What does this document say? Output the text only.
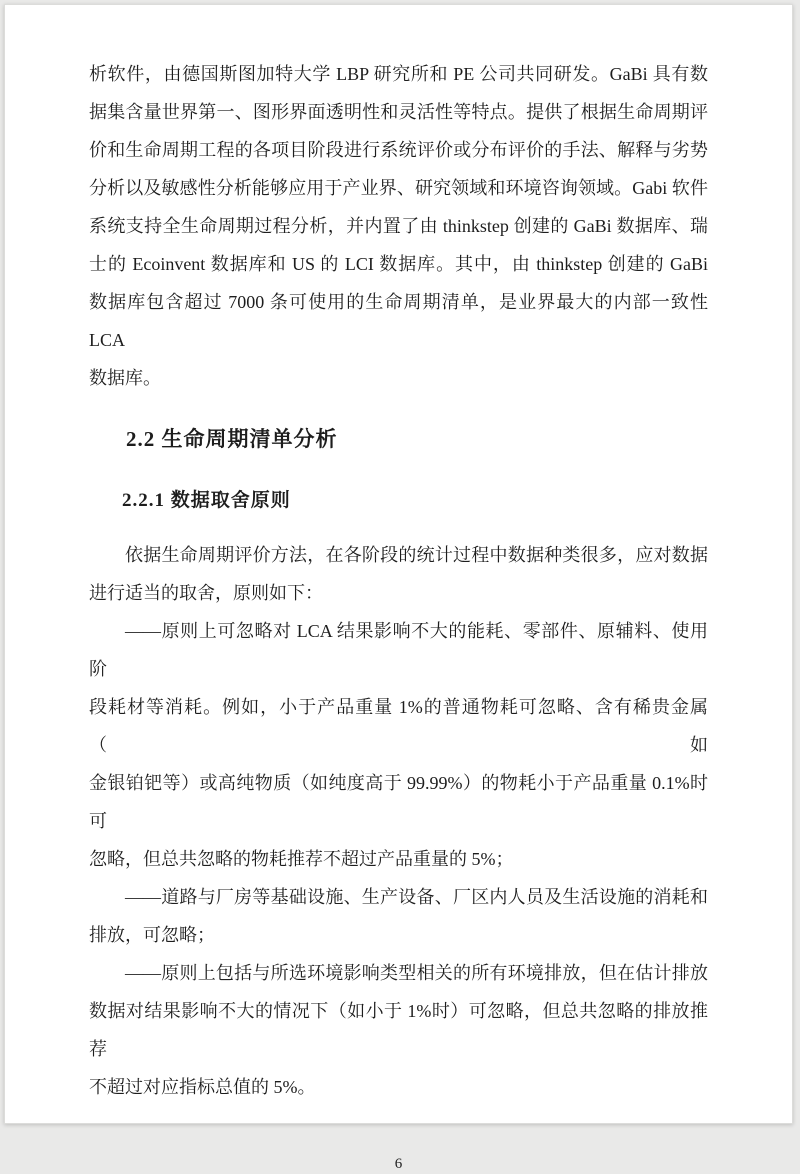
析软件，由德国斯图加特大学 LBP 研究所和 PE 公司共同研发。GaBi 具有数
据集含量世界第一、图形界面透明性和灵活性等特点。提供了根据生命周期评
价和生命周期工程的各项目阶段进行系统评价或分布评价的手法、解释与劣势
分析以及敏感性分析能够应用于产业界、研究领域和环境咨询领域。Gabi 软件
系统支持全生命周期过程分析，并内置了由 thinkstep 创建的 GaBi 数据库、瑞
士的 Ecoinvent 数据库和 US 的 LCI 数据库。其中，由 thinkstep 创建的 GaBi
数据库包含超过 7000 条可使用的生命周期清单，是业界最大的内部一致性 LCA
数据库。
2.2 生命周期清单分析
2.2.1 数据取舍原则
依据生命周期评价方法，在各阶段的统计过程中数据种类很多，应对数据
进行适当的取舍，原则如下：
——原则上可忽略对 LCA 结果影响不大的能耗、零部件、原辅料、使用阶
段耗材等消耗。例如，小于产品重量 1%的普通物耗可忽略、含有稀贵金属（如
金银铂钯等）或高纯物质（如纯度高于 99.99%）的物耗小于产品重量 0.1%时可
忽略，但总共忽略的物耗推荐不超过产品重量的 5%；
——道路与厂房等基础设施、生产设备、厂区内人员及生活设施的消耗和
排放，可忽略；
——原则上包括与所选环境影响类型相关的所有环境排放，但在估计排放
数据对结果影响不大的情况下（如小于 1%时）可忽略，但总共忽略的排放推荐
不超过对应指标总值的 5%。
6
